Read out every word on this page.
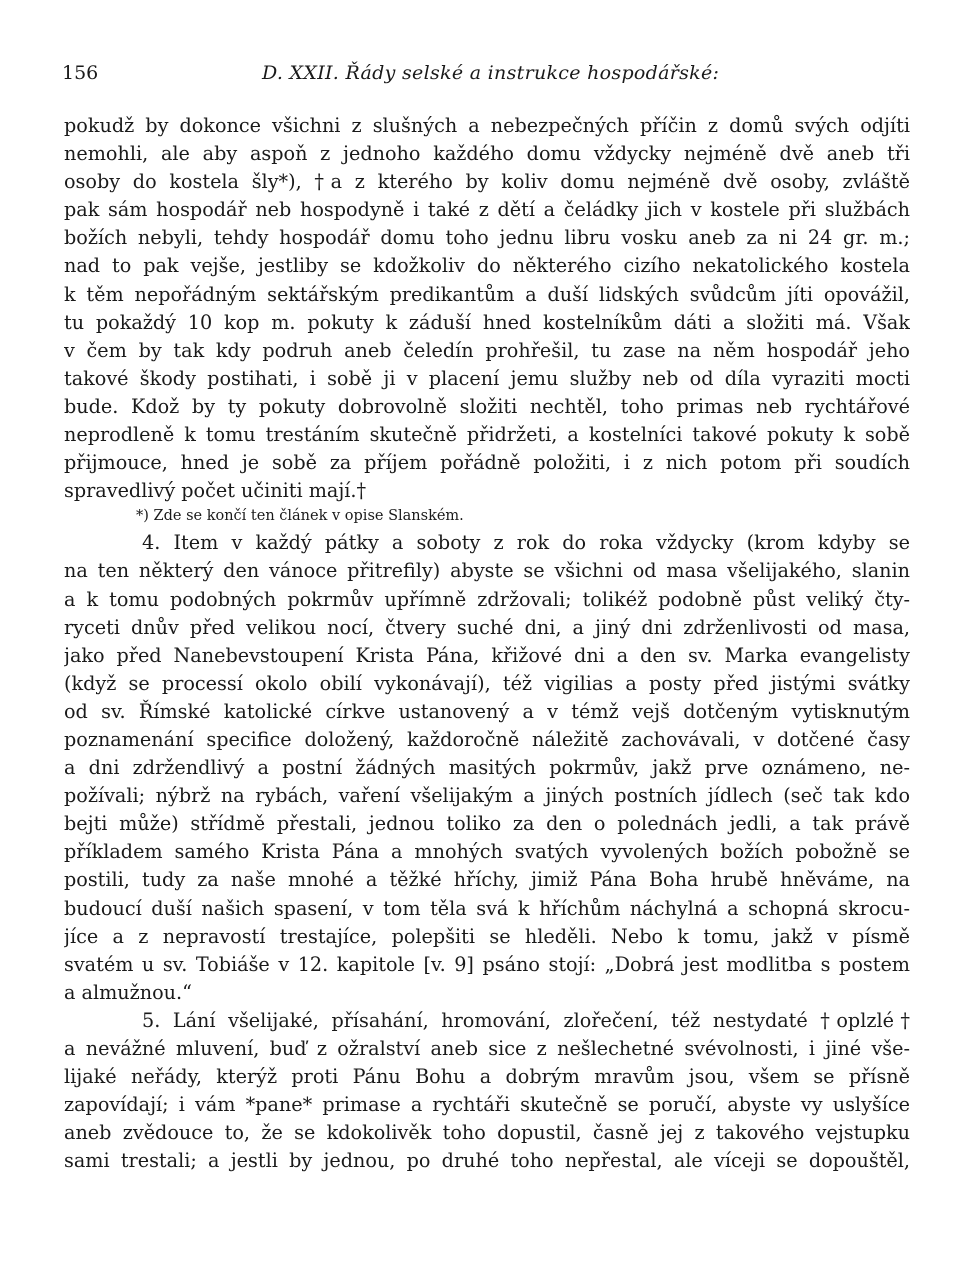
156	D. XXII. Řády selské a instrukce hospodářské:
pokudž by dokonce všichni z slušných a nebezpečných příčin z domů svých odjíti
nemohli, ale aby aspoň z jednoho každého domu vždycky nejméně dvě aneb tři
osoby do kostela šly*), †a z kterého by koliv domu nejméně dvě osoby, zvláště
pak sám hospodář neb hospodyně i také z dětí a čeládky jich v kostele při službách
božích nebyli, tehdy hospodář domu toho jednu libru vosku aneb za ni 24 gr. m.;
nad to pak vejše, jestliby se kdožkoliv do některého cizího nekatolického kostela
k těm nepořádným sektářským predikantům a duší lidských svůdcům jíti opovážil,
tu pokaždý 10 kop m. pokuty k záduší hned kostelníkům dáti a složiti má. Však
v čem by tak kdy podruh aneb čeledín prohřešil, tu zase na něm hospodář jeho
takové škody postihati, i sobě ji v placení jemu služby neb od díla vyraziti mocti
bude. Kdož by ty pokuty dobrovolně složiti nechtěl, toho primas neb rychtářové
neprodleně k tomu trestáním skutečně přidržeti, a kostelníci takové pokuty k sobě
přijmouce, hned je sobě za příjem pořádně položiti, i z nich potom při soudích
spravedlivý počet učiniti mají.†
*) Zde se končí ten článek v opise Slanském.
4. Item v každý pátky a soboty z rok do roka vždycky (krom kdyby se
na ten některý den vánoce přitrefily) abyste se všichni od masa všelijakého, slanin
a k tomu podobných pokrmův upřímně zdržovali; tolikéž podobně půst veliký čty-
ryceti dnův před velikou nocí, čtvery suché dni, a jiný dni zdrženlivosti od masa,
jako před Nanebevstoupení Krista Pána, křižové dni a den sv. Marka evangelisty
(když se processí okolo obilí vykonávají), též vigilias a posty před jistými svátky
od sv. Římské katolické církve ustanovený a v témž vejš dotčeným vytisknutým
poznamenání specifice doložený, každoročně náležitě zachovávali, v dotčené časy
a dni zdržendlivý a postní žádných masitých pokrmův, jakž prve oznámeno, ne-
požívali; nýbrž na rybách, vaření všelijakým a jiných postních jídlech (seč tak kdo
bejti může) střídmě přestali, jednou toliko za den o polednách jedli, a tak právě
příkladem samého Krista Pána a mnohých svatých vyvolených božích pobožně se
postili, tudy za naše mnohé a těžké hříchy, jimiž Pána Boha hrubě hněváme, na
budoucí duší našich spasení, v tom těla svá k hříchům náchylná a schopná skrocu-
jíce a z nepravostí trestajíce, polepšiti se hleděli. Nebo k tomu, jakž v písmě
svatém u sv. Tobiáše v 12. kapitole [v. 9] psáno stojí: „Dobrá jest modlitba s postem
a almužnou.“
5. Lání všelijaké, přísahání, hromování, zlořečení, též nestydaté †oplzlé†
a nevážné mluvení, buď z ožralství aneb sice z nešlechetné svévolnosti, i jiné vše-
lijaké neřády, kterýž proti Pánu Bohu a dobrým mravům jsou, všem se přísně
zapovídají; i vám *pane* primase a rychtáři skutečně se poručí, abyste vy uslyšíce
aneb zvědouce to, že se kdokolivěk toho dopustil, časně jej z takového vejstupku
sami trestali; a jestli by jednou, po druhé toho nepřestal, ale víceji se dopouštěl,
